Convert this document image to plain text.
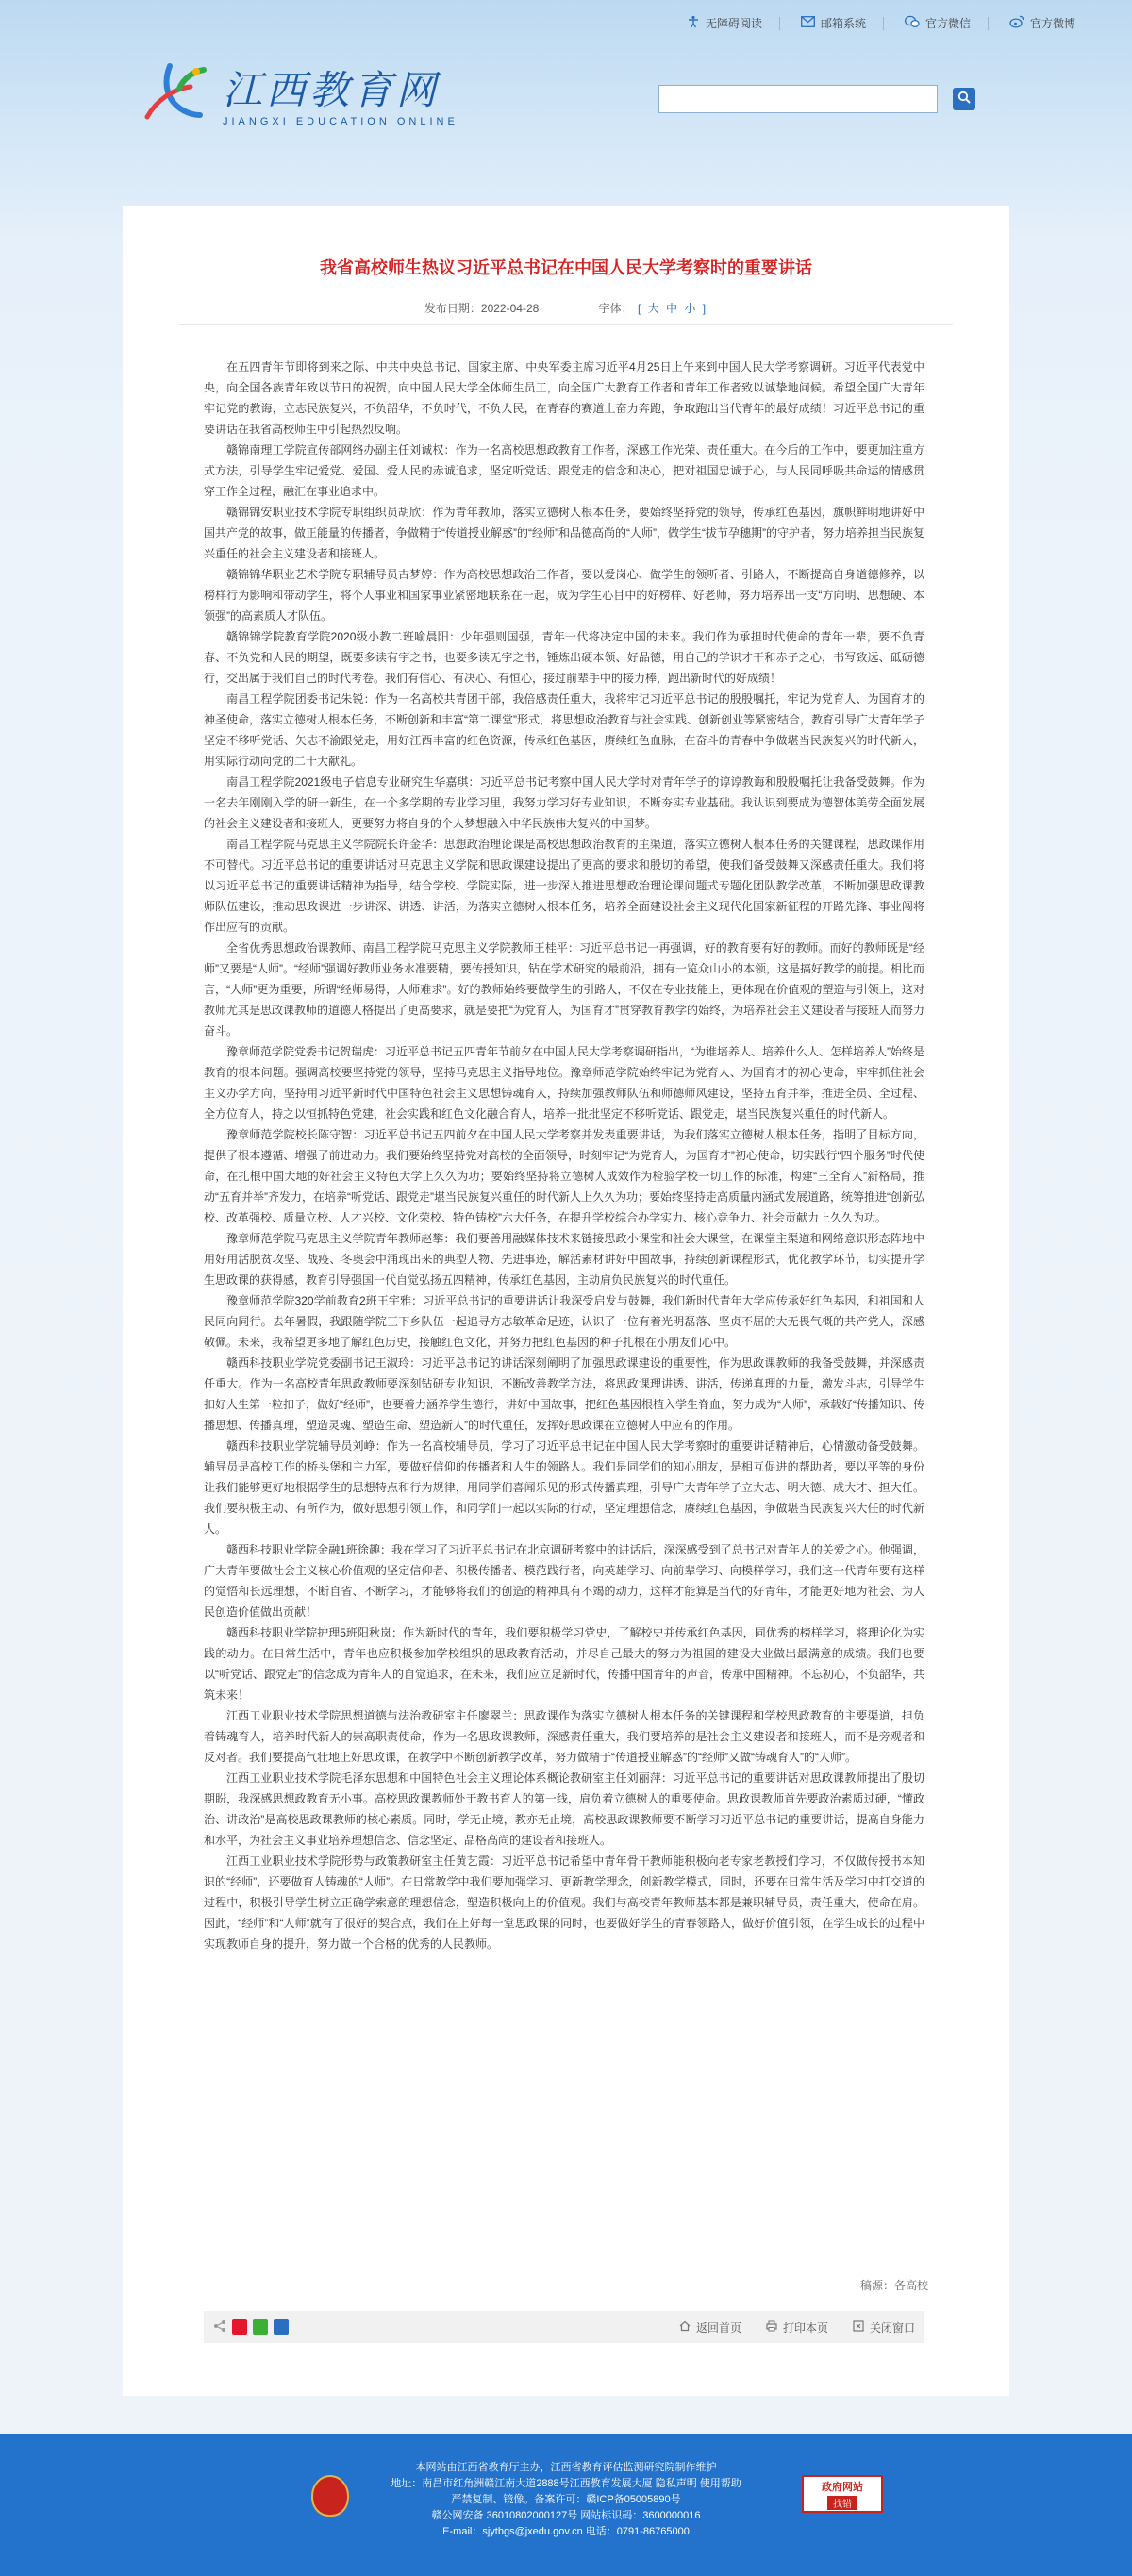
无障碍阅读	邮箱系统	官方微信	官方微博
江西教育网
JIANGXI EDUCATION ONLINE
我省高校师生热议习近平总书记在中国人民大学考察时的重要讲话
发布日期：2022-04-28	字体： [ 大 中 小 ]

在五四青年节即将到来之际、中共中央总书记、国家主席、中央军委主席习近平4月25日上午来到中国人民大学考察调研。习近平代表党中央，向全国各族青年致以节日的祝贺，向中国人民大学全体师生员工，向全国广大教育工作者和青年工作者致以诚挚地问候。希望全国广大青年牢记党的教诲，立志民族复兴，不负韶华，不负时代，不负人民，在青春的赛道上奋力奔跑，争取跑出当代青年的最好成绩！习近平总书记的重要讲话在我省高校师生中引起热烈反响。

赣锦南理工学院宣传部网络办副主任刘诚权：作为一名高校思想政教育工作者，深感工作光荣、责任重大。在今后的工作中，要更加注重方式方法，引导学生牢记爱党、爱国、爱人民的赤诚追求，坚定听党话、跟党走的信念和决心，把对祖国忠诚于心，与人民同呼吸共命运的情感贯穿工作全过程，融汇在事业追求中。

赣锦锦安职业技术学院专职组织员胡欣：作为青年教师，落实立德树人根本任务，要始终坚持党的领导，传承红色基因，旗帜鲜明地讲好中国共产党的故事，做正能量的传播者，争做精于“传道授业解惑”的“经师”和品德高尚的“人师”，做学生“拔节孕穗期”的守护者，努力培养担当民族复兴重任的社会主义建设者和接班人。

赣锦锦华职业艺术学院专职辅导员古梦婷：作为高校思想政治工作者，要以爱岗心、做学生的领听者、引路人，不断提高自身道德修养，以榜样行为影响和带动学生，将个人事业和国家事业紧密地联系在一起，成为学生心目中的好榜样、好老师，努力培养出一支“方向明、思想硬、本领强”的高素质人才队伍。

赣锦锦学院教育学院2020级小教二班喻晨阳：少年强则国强，青年一代将决定中国的未来。我们作为承担时代使命的青年一辈，要不负青春、不负党和人民的期望，既要多读有字之书，也要多读无字之书，锤炼出硬本领、好品德，用自己的学识才干和赤子之心，书写致远、砥砺德行，交出属于我们自己的时代考卷。我们有信心、有决心、有恒心，接过前辈手中的接力棒，跑出新时代的好成绩！

南昌工程学院团委书记朱锐：作为一名高校共青团干部，我倍感责任重大，我将牢记习近平总书记的殷殷嘱托，牢记为党育人、为国育才的神圣使命，落实立德树人根本任务，不断创新和丰富“第二课堂”形式，将思想政治教育与社会实践、创新创业等紧密结合，教育引导广大青年学子坚定不移听党话、矢志不渝跟党走，用好江西丰富的红色资源，传承红色基因，赓续红色血脉，在奋斗的青春中争做堪当民族复兴的时代新人，用实际行动向党的二十大献礼。

南昌工程学院2021级电子信息专业研究生华嘉琪：习近平总书记考察中国人民大学时对青年学子的谆谆教诲和殷殷嘱托让我备受鼓舞。作为一名去年刚刚入学的研一新生，在一个多学期的专业学习里，我努力学习好专业知识，不断夯实专业基础。我认识到要成为德智体美劳全面发展的社会主义建设者和接班人，更要努力将自身的个人梦想融入中华民族伟大复兴的中国梦。

南昌工程学院马克思主义学院院长许金华：思想政治理论课是高校思想政治教育的主渠道，落实立德树人根本任务的关键课程，思政课作用不可替代。习近平总书记的重要讲话对马克思主义学院和思政课建设提出了更高的要求和殷切的希望，使我们备受鼓舞又深感责任重大。我们将以习近平总书记的重要讲话精神为指导，结合学校、学院实际，进一步深入推进思想政治理论课问题式专题化团队教学改革，不断加强思政课教师队伍建设，推动思政课进一步讲深、讲透、讲活，为落实立德树人根本任务，培养全面建设社会主义现代化国家新征程的开路先锋、事业闯将作出应有的贡献。

全省优秀思想政治课教师、南昌工程学院马克思主义学院教师王桂平：习近平总书记一再强调，好的教育要有好的教师。而好的教师既是“经师”又要是“人师”。“经师”强调好教师业务水准要精，要传授知识，钻在学术研究的最前沿，拥有一览众山小的本领，这是搞好教学的前提。相比而言，“人师”更为重要，所谓“经师易得，人师难求”。好的教师始终要做学生的引路人，不仅在专业技能上，更体现在价值观的塑造与引领上，这对教师尤其是思政课教师的道德人格提出了更高要求，就是要把“为党育人，为国育才”贯穿教育教学的始终，为培养社会主义建设者与接班人而努力奋斗。

豫章师范学院党委书记贺瑞虎：习近平总书记五四青年节前夕在中国人民大学考察调研指出，“为谁培养人、培养什么人、怎样培养人”始终是教育的根本问题。强调高校要坚持党的领导，坚持马克思主义指导地位。豫章师范学院始终牢记为党育人、为国育才的初心使命，牢牢抓住社会主义办学方向，坚持用习近平新时代中国特色社会主义思想铸魂育人，持续加强教师队伍和师德师风建设，坚持五育并举，推进全员、全过程、全方位育人，持之以恒抓特色党建，社会实践和红色文化融合育人，培养一批批坚定不移听党话、跟党走，堪当民族复兴重任的时代新人。

豫章师范学院校长陈守智：习近平总书记五四前夕在中国人民大学考察并发表重要讲话，为我们落实立德树人根本任务，指明了目标方向，提供了根本遵循、增强了前进动力。我们要始终坚持党对高校的全面领导，时刻牢记“为党育人，为国育才”初心使命，切实践行“四个服务”时代使命，在扎根中国大地的好社会主义特色大学上久久为功；要始终坚持将立德树人成效作为检验学校一切工作的标准，构建“三全育人”新格局，推动“五育并举”齐发力，在培养“听党话、跟党走”堪当民族复兴重任的时代新人上久久为功；要始终坚持走高质量内涵式发展道路，统筹推进“创新弘校、改革强校、质量立校、人才兴校、文化荣校、特色铸校”六大任务，在提升学校综合办学实力、核心竞争力、社会贡献力上久久为功。

豫章师范学院马克思主义学院青年教师赵攀：我们要善用融媒体技术来链接思政小课堂和社会大课堂，在课堂主渠道和网络意识形态阵地中用好用活脱贫攻坚、战疫、冬奥会中涌现出来的典型人物、先进事迹，解活素材讲好中国故事，持续创新课程形式，优化教学环节，切实提升学生思政课的获得感，教育引导强国一代自觉弘扬五四精神，传承红色基因，主动肩负民族复兴的时代重任。

豫章师范学院320学前教育2班王宇雅：习近平总书记的重要讲话让我深受启发与鼓舞，我们新时代青年大学应传承好红色基因，和祖国和人民同向同行。去年暑假，我跟随学院三下乡队伍一起追寻方志敏革命足迹，认识了一位有着光明磊落、坚贞不屈的大无畏气概的共产党人，深感敬佩。未来，我希望更多地了解红色历史，接触红色文化，并努力把红色基因的种子扎根在小朋友们心中。

赣西科技职业学院党委副书记王淑玲：习近平总书记的讲话深刻阐明了加强思政课建设的重要性，作为思政课教师的我备受鼓舞，并深感责任重大。作为一名高校青年思政教师要深刻钻研专业知识，不断改善教学方法，将思政课理讲透、讲活，传递真理的力量，激发斗志，引导学生扣好人生第一粒扣子，做好“经师”，也要着力涵养学生德行，讲好中国故事，把红色基因根植入学生脊血，努力成为“人师”，承载好“传播知识、传播思想、传播真理，塑造灵魂、塑造生命、塑造新人”的时代重任，发挥好思政课在立德树人中应有的作用。

赣西科技职业学院辅导员刘峥：作为一名高校辅导员，学习了习近平总书记在中国人民大学考察时的重要讲话精神后，心情激动备受鼓舞。辅导员是高校工作的桥头堡和主力军，要做好信仰的传播者和人生的领路人。我们是同学们的知心朋友，是相互促进的帮助者，要以平等的身份让我们能够更好地根据学生的思想特点和行为规律，用同学们喜闻乐见的形式传播真理，引导广大青年学子立大志、明大德、成大才、担大任。我们要积极主动、有所作为，做好思想引领工作，和同学们一起以实际的行动，坚定理想信念，赓续红色基因，争做堪当民族复兴大任的时代新人。

赣西科技职业学院金融1班徐趣：我在学习了习近平总书记在北京调研考察中的讲话后，深深感受到了总书记对青年人的关爱之心。他强调，广大青年要做社会主义核心价值观的坚定信仰者、积极传播者、模范践行者，向英雄学习、向前辈学习、向模样学习，我们这一代青年要有这样的觉悟和长远理想，不断自省、不断学习，才能够将我们的创造的精神具有不竭的动力，这样才能算是当代的好青年，才能更好地为社会、为人民创造价值做出贡献！

赣西科技职业学院护理5班阳秋岚：作为新时代的青年，我们要积极学习党史，了解校史并传承红色基因，同优秀的榜样学习，将理论化为实践的动力。在日常生活中，青年也应积极参加学校组织的思政教育活动，并尽自己最大的努力为祖国的建设大业做出最满意的成绩。我们也要以“听党话、跟党走”的信念成为青年人的自觉追求，在未来，我们应立足新时代，传播中国青年的声音，传承中国精神。不忘初心，不负韶华，共筑未来！

江西工业职业技术学院思想道德与法治教研室主任廖翠兰：思政课作为落实立德树人根本任务的关键课程和学校思政教育的主要渠道，担负着铸魂育人，培养时代新人的崇高职责使命，作为一名思政课教师，深感责任重大，我们要培养的是社会主义建设者和接班人，而不是旁观者和反对者。我们要提高气壮地上好思政课，在教学中不断创新教学改革，努力做精于“传道授业解惑”的“经师”又做“铸魂育人”的“人师”。

江西工业职业技术学院毛泽东思想和中国特色社会主义理论体系概论教研室主任刘丽萍：习近平总书记的重要讲话对思政课教师提出了殷切期盼，我深感思想政教育无小事。高校思政课教师处于教书育人的第一线，肩负着立德树人的重要使命。思政课教师首先要政治素质过硬，“懂政治、讲政治”是高校思政课教师的核心素质。同时，学无止境，教亦无止境，高校思政课教师要不断学习习近平总书记的重要讲话，提高自身能力和水平，为社会主义事业培养理想信念、信念坚定、品格高尚的建设者和接班人。

江西工业职业技术学院形势与政策教研室主任黄艺霞：习近平总书记希望中青年骨干教师能积极向老专家老教授们学习，不仅做传授书本知识的“经师”，还要做育人铸魂的“人师”。在日常教学中我们要加强学习、更新教学理念，创新教学模式，同时，还要在日常生活及学习中打交道的过程中，积极引导学生树立正确学索意的理想信念，塑造积极向上的价值观。我们与高校青年教师基本都是兼职辅导员，责任重大，使命在肩。因此，“经师”和“人师”就有了很好的契合点，我们在上好每一堂思政课的同时，也要做好学生的青春领路人，做好价值引领，在学生成长的过程中实现教师自身的提升，努力做一个合格的优秀的人民教师。

稿源：各高校
返回首页	打印本页	关闭窗口
本网站由江西省教育厅主办，江西省教育评估监测研究院制作维护
地址：南昌市红角洲赣江南大道2888号江西教育发展大厦 隐私声明 使用帮助
严禁复制、镜像。备案许可：赣ICP备05005890号
赣公网安备 36010802000127号 网站标识码：3600000016
E-mail：sjytbgs@jxedu.gov.cn 电话：0791-86765000
政府网站
找错
